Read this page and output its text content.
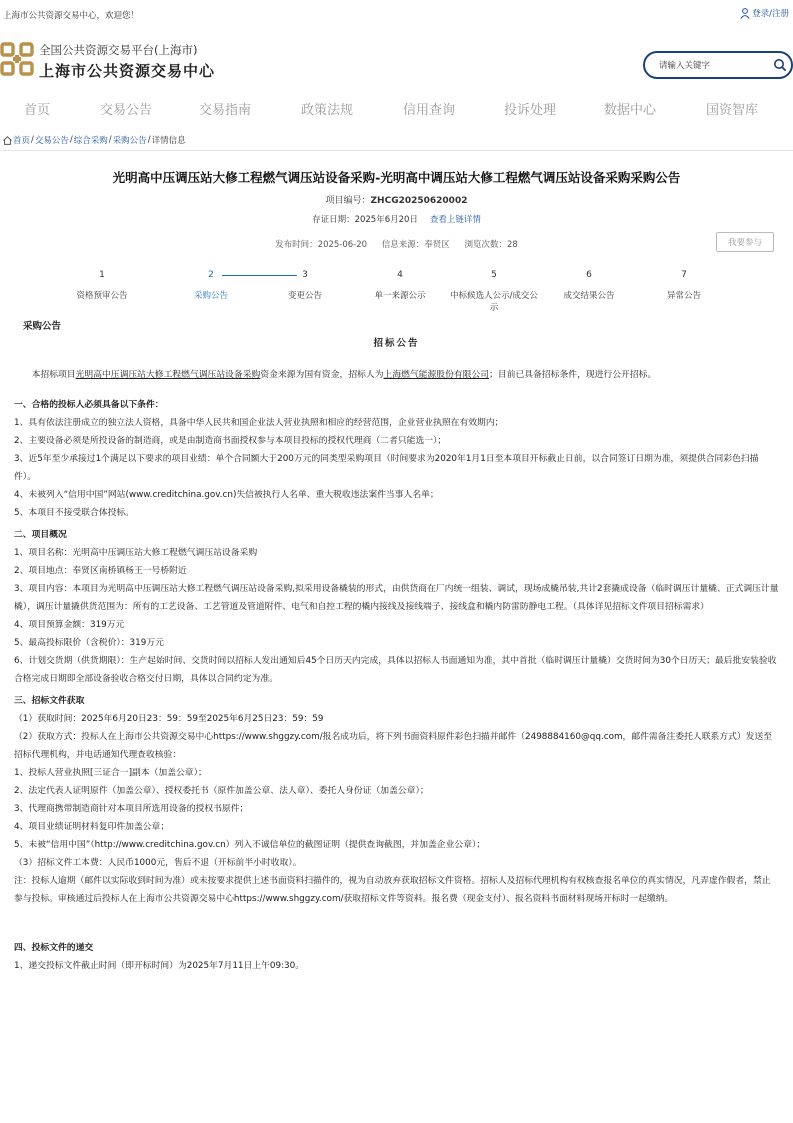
上海市公共资源交易中心，欢迎您！	登录/注册
全国公共资源交易平台(上海市)
上海市公共资源交易中心
请输入关键字
首页	交易公告	交易指南	政策法规	信用查询	投诉处理	数据中心	国资智库
首页 / 交易公告 / 综合采购 / 采购公告 / 详情信息
光明高中压调压站大修工程燃气调压站设备采购-光明高中调压站大修工程燃气调压站设备采购采购公告
项目编号：ZHCG20250620002
存证日期：2025年6月20日 查看上链详情
发布时间：2025-06-20 信息来源：奉贤区 浏览次数：28	我要参与
1
资格预审公告
2
采购公告
3
变更公告
4
单一来源公示
5
中标候选人公示/成交公示
6
成交结果公告
7
异常公告
采购公告
招标公告

本招标项目光明高中压调压站大修工程燃气调压站设备采购资金来源为国有资金，招标人为上海燃气能源股份有限公司；目前已具备招标条件，现进行公开招标。

一、合格的投标人必须具备以下条件：

1、具有依法注册成立的独立法人资格，具备中华人民共和国企业法人营业执照和相应的经营范围，企业营业执照在有效期内；

2、主要设备必须是所投设备的制造商，或是由制造商书面授权参与本项目投标的授权代理商（二者只能选一）；

3、近5年至少承接过1个满足以下要求的项目业绩：单个合同额大于200万元的同类型采购项目（时间要求为2020年1月1日至本项目开标截止日前，以合同签订日期为准，须提供合同彩色扫描件）。

4、未被列入“信用中国”网站(www.creditchina.gov.cn)失信被执行人名单、重大税收违法案件当事人名单；

5、本项目不接受联合体投标。

二、项目概况

1、项目名称：光明高中压调压站大修工程燃气调压站设备采购

2、项目地点：奉贤区南桥镇杨王一号桥附近

3、项目内容：本项目为光明高中压调压站大修工程燃气调压站设备采购,拟采用设备橇装的形式，由供货商在厂内统一组装、调试，现场成橇吊装,共计2套撬成设备（临时调压计量橇、正式调压计量橇），调压计量撬供货范围为：所有的工艺设备、工艺管道及管道附件、电气和自控工程的橇内接线及接线端子、接线盒和橇内防雷防静电工程。（具体详见招标文件项目招标需求）

4、项目预算金额：319万元

5、最高投标限价（含税价）：319万元

6、计划交货期（供货期限）：生产起始时间、交货时间以招标人发出通知后45个日历天内完成，具体以招标人书面通知为准，其中首批（临时调压计量橇）交货时间为30个日历天；最后批安装验收合格完成日期即全部设备验收合格交付日期，具体以合同约定为准。

三、招标文件获取

（1）获取时间：2025年6月20日23：59：59至2025年6月25日23：59：59

（2）获取方式：投标人在上海市公共资源交易中心https://www.shggzy.com/报名成功后，将下列书面资料原件彩色扫描并邮件（2498884160@qq.com，邮件需备注委托人联系方式）发送至招标代理机构，并电话通知代理查收核验：

1、投标人营业执照[三证合一]副本（加盖公章）；

2、法定代表人证明原件（加盖公章）、授权委托书（原件加盖公章、法人章）、委托人身份证（加盖公章）；

3、代理商携带制造商针对本项目所选用设备的授权书原件；

4、项目业绩证明材料复印件加盖公章；

5、未被“信用中国”（http://www.creditchina.gov.cn）列入不诚信单位的截图证明（提供查询截图，并加盖企业公章）；

（3）招标文件工本费：人民币1000元，售后不退（开标前半小时收取）。

注：投标人逾期（邮件以实际收到时间为准）或未按要求提供上述书面资料扫描件的，视为自动放弃获取招标文件资格。招标人及招标代理机构有权核查报名单位的真实情况，凡弄虚作假者，禁止参与投标。审核通过后投标人在上海市公共资源交易中心https://www.shggzy.com/获取招标文件等资料。报名费（现金支付）、报名资料书面材料现场开标时一起缴纳。

四、投标文件的递交

1、递交投标文件截止时间（即开标时间）为2025年7月11日上午09:30。
